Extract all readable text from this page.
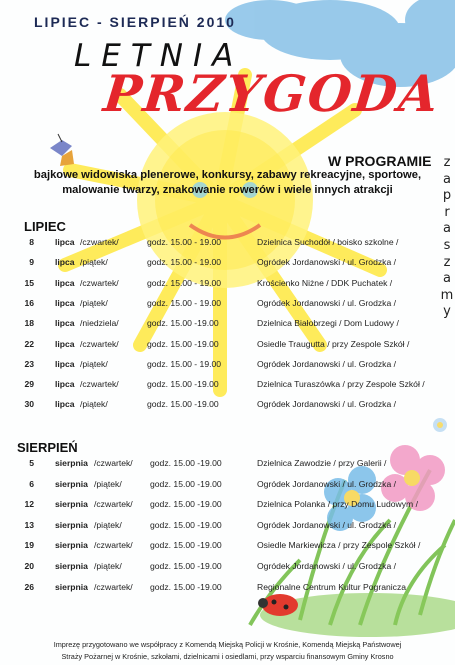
LIPIEC - SIERPIEŃ 2010
LETNIA
PRZYGODA
W PROGRAMIE
bajkowe widowiska plenerowe, konkursy, zabawy rekreacyjne, sportowe,
malowanie twarzy, znakowanie rowerów i wiele innych atrakcji
z
a
p
r
a
s
z
a
m
y
LIPIEC
SIERPIEŃ
8 lipca /czwartek/	godz. 15.00 - 19.00	Dzielnica Suchodół / boisko szkolne /
9 lipca /piątek/	godz. 15.00 - 19.00	Ogródek Jordanowski / ul. Grodzka /
15 lipca /czwartek/	godz. 15.00 - 19.00	Krościenko Niżne / DDK Puchatek /
16 lipca /piątek/	godz. 15.00 - 19.00	Ogródek Jordanowski / ul. Grodzka /
18 lipca /niedziela/	godz. 15.00 -19.00	Dzielnica Białobrzegi / Dom Ludowy /
22 lipca /czwartek/	godz. 15.00 -19.00	Osiedle Traugutta / przy Zespole Szkół /
23 lipca /piątek/	godz. 15.00 - 19.00	Ogródek Jordanowski / ul. Grodzka /
29 lipca /czwartek/	godz. 15.00 -19.00	Dzielnica Turaszówka / przy Zespole Szkół /
30 lipca /piątek/	godz. 15.00 -19.00	Ogródek Jordanowski / ul. Grodzka /
5 sierpnia /czwartek/ godz. 15.00 -19.00	Dzielnica Zawodzie / przy Galerii /
6 sierpnia /piątek/	godz. 15.00 -19.00	Ogródek Jordanowski / ul. Grodzka /
12 sierpnia /czwartek/ godz. 15.00 -19.00	Dzielnica Polanka / przy Domu Ludowym /
13 sierpnia /piątek/	godz. 15.00 -19.00	Ogródek Jordanowski / ul. Grodzka /
19 sierpnia /czwartek/ godz. 15.00 -19.00	Osiedle Markiewicza / przy Zespole Szkół /
20 sierpnia /piątek/	godz. 15.00 -19.00	Ogródek Jordanowski / ul. Grodzka /
26 sierpnia /czwartek/ godz. 15.00 -19.00	Regionalne Centrum Kultur Pogranicza
Imprezę przygotowano we współpracy z Komendą Miejską Policji w Krośnie, Komendą Miejską Państwowej
Straży Pożarnej w Krośnie, szkołami, dzielnicami i osiedlami, przy wsparciu finansowym Gminy Krosno
